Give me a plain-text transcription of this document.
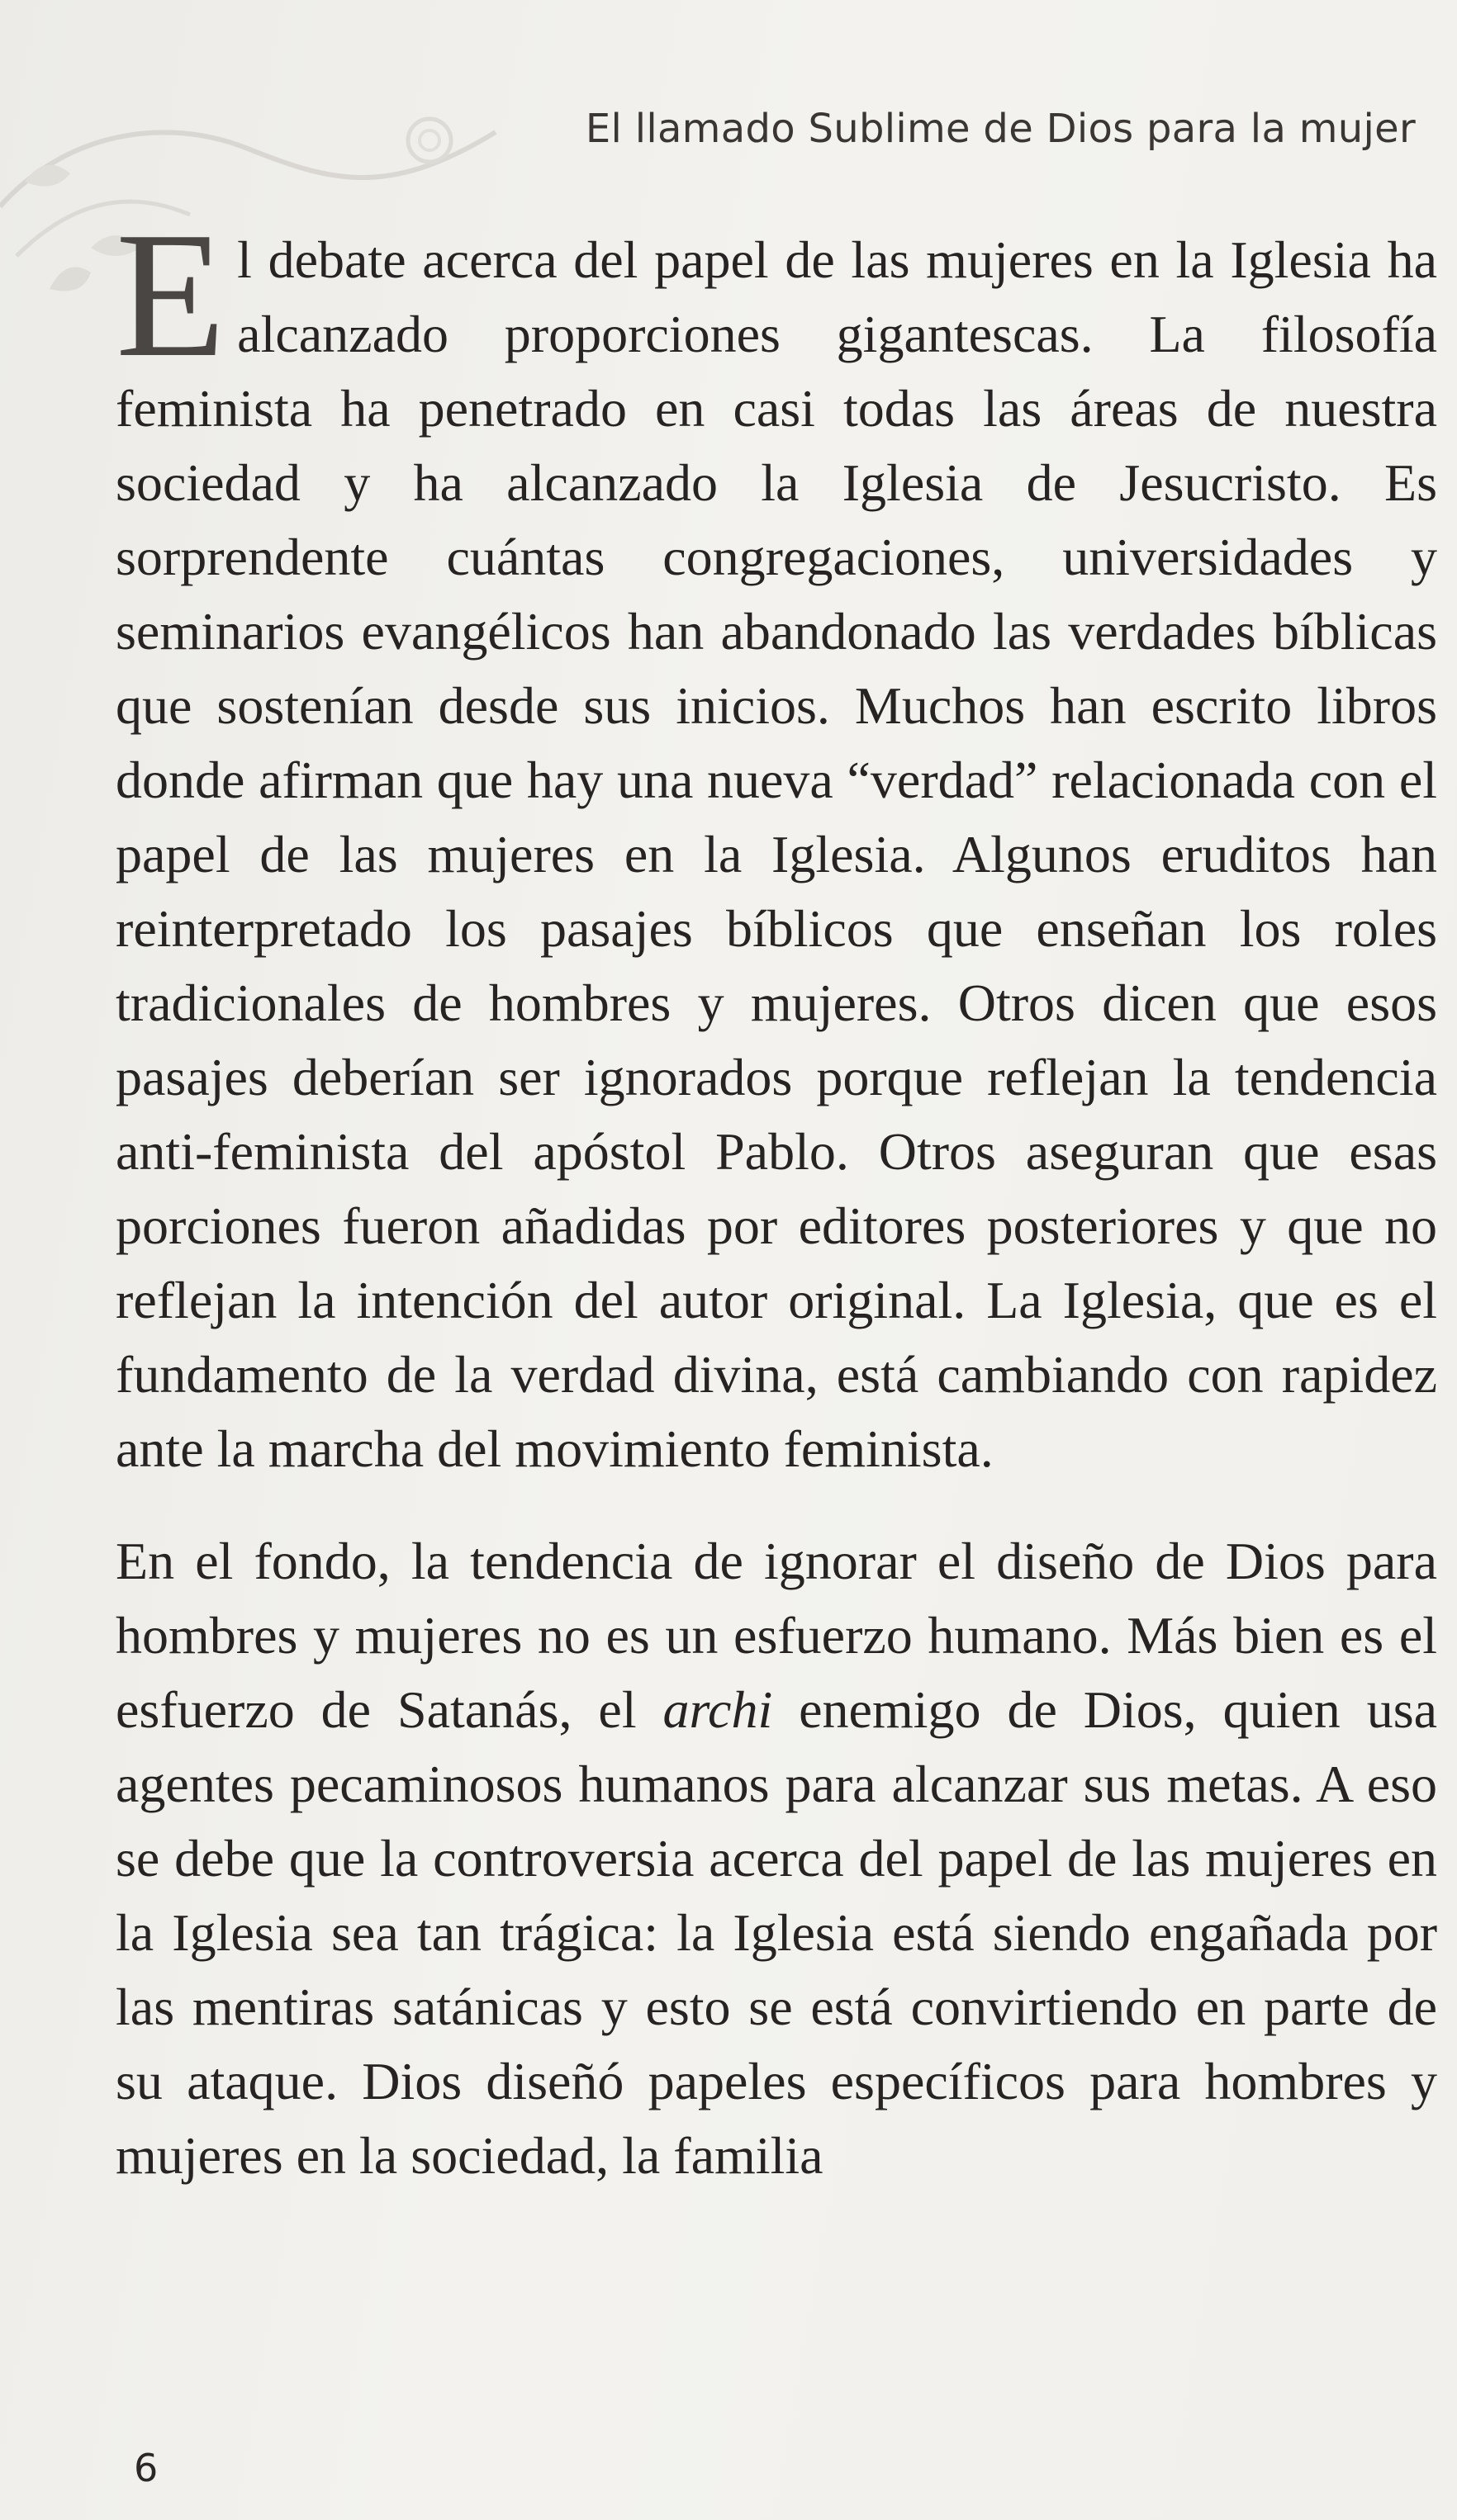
El llamado Sublime de Dios para la mujer

El debate acerca del papel de las mujeres en la Iglesia ha alcanzado proporciones gigantescas. La filosofía feminista ha penetrado en casi todas las áreas de nuestra sociedad y ha alcanzado la Iglesia de Jesucristo. Es sorprendente cuántas congregaciones, universidades y seminarios evangélicos han abandonado las verdades bíblicas que sostenían desde sus inicios. Muchos han escrito libros donde afirman que hay una nueva “verdad” relacionada con el papel de las mujeres en la Iglesia. Algunos eruditos han reinterpretado los pasajes bíblicos que enseñan los roles tradicionales de hombres y mujeres. Otros dicen que esos pasajes deberían ser ignorados porque reflejan la tendencia anti-feminista del apóstol Pablo. Otros aseguran que esas porciones fueron añadidas por editores posteriores y que no reflejan la intención del autor original. La Iglesia, que es el fundamento de la verdad divina, está cambiando con rapidez ante la marcha del movimiento feminista.

En el fondo, la tendencia de ignorar el diseño de Dios para hombres y mujeres no es un esfuerzo humano. Más bien es el esfuerzo de Satanás, el archi enemigo de Dios, quien usa agentes pecaminosos humanos para alcanzar sus metas. A eso se debe que la controversia acerca del papel de las mujeres en la Iglesia sea tan trágica: la Iglesia está siendo engañada por las mentiras satánicas y esto se está convirtiendo en parte de su ataque. Dios diseñó papeles específicos para hombres y mujeres en la sociedad, la familia

6
